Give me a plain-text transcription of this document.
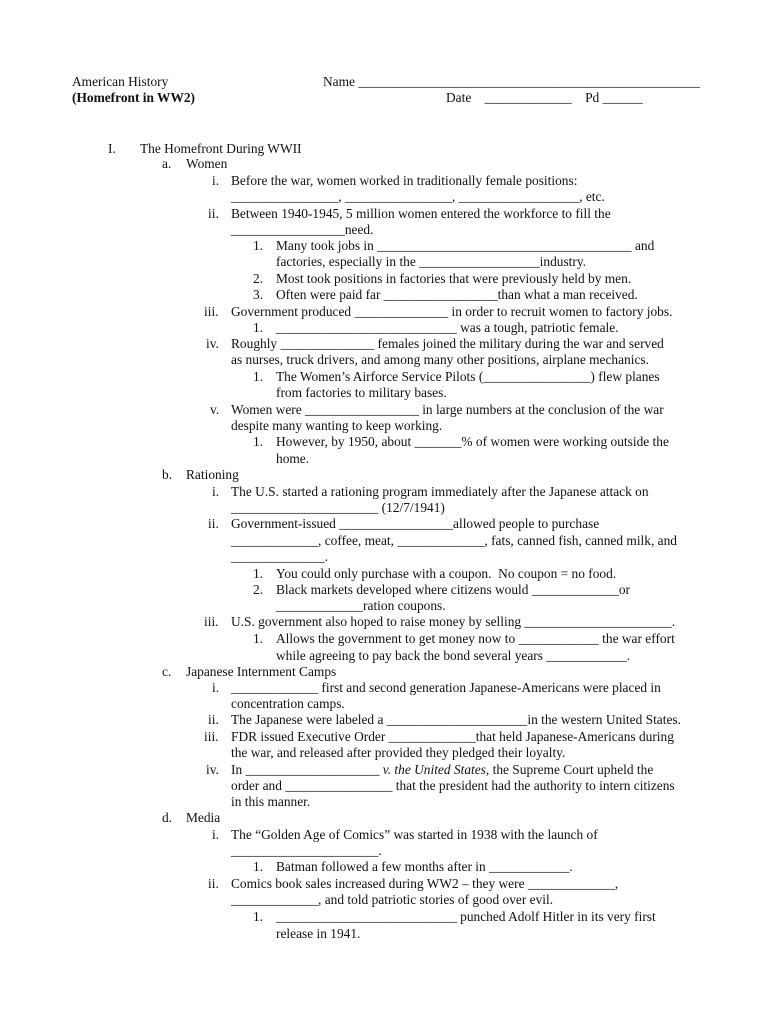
American History
(Homefront in WW2)
Name ___________________________________________________
Date    _____________    Pd ______
I. The Homefront During WWII
a. Women
i. Before the war, women worked in traditionally female positions:
________________, ________________, __________________, etc.
ii. Between 1940-1945, 5 million women entered the workforce to fill the
_________________need.
1. Many took jobs in ______________________________________ and
factories, especially in the __________________industry.
2. Most took positions in factories that were previously held by men.
3. Often were paid far _________________than what a man received.
iii. Government produced ______________ in order to recruit women to factory jobs.
1. ___________________________ was a tough, patriotic female.
iv. Roughly ______________ females joined the military during the war and served
as nurses, truck drivers, and among many other positions, airplane mechanics.
1. The Women’s Airforce Service Pilots (________________) flew planes
from factories to military bases.
v. Women were _________________ in large numbers at the conclusion of the war
despite many wanting to keep working.
1. However, by 1950, about _______% of women were working outside the
home.
b. Rationing
i. The U.S. started a rationing program immediately after the Japanese attack on
______________________ (12/7/1941)
ii. Government-issued _________________allowed people to purchase
_____________, coffee, meat, _____________, fats, canned fish, canned milk, and
______________.
1. You could only purchase with a coupon.  No coupon = no food.
2. Black markets developed where citizens would _____________or
_____________ration coupons.
iii. U.S. government also hoped to raise money by selling ______________________.
1. Allows the government to get money now to ____________ the war effort
while agreeing to pay back the bond several years ____________.
c. Japanese Internment Camps
i. _____________ first and second generation Japanese-Americans were placed in
concentration camps.
ii. The Japanese were labeled a _____________________in the western United States.
iii. FDR issued Executive Order _____________that held Japanese-Americans during
the war, and released after provided they pledged their loyalty.
iv. In ____________________ v. the United States, the Supreme Court upheld the
order and ________________ that the president had the authority to intern citizens
in this manner.
d. Media
i. The “Golden Age of Comics” was started in 1938 with the launch of
______________________.
1. Batman followed a few months after in ____________.
ii. Comics book sales increased during WW2 – they were _____________,
_____________, and told patriotic stories of good over evil.
1. ___________________________ punched Adolf Hitler in its very first
release in 1941.
